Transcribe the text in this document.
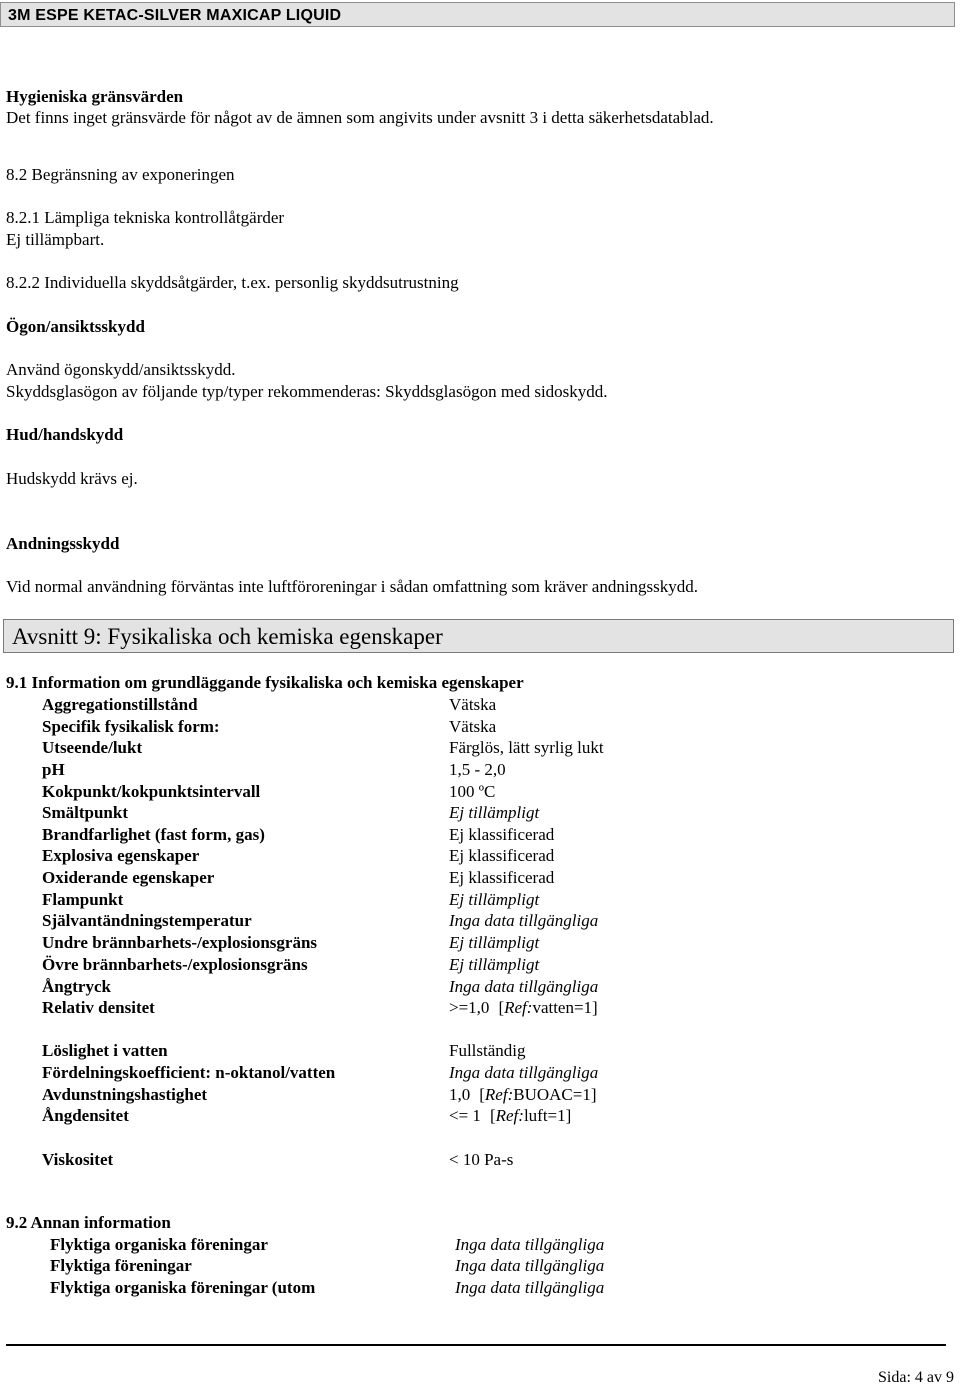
3M ESPE KETAC-SILVER MAXICAP LIQUID
Hygieniska gränsvärden
Det finns inget gränsvärde för något av de ämnen som angivits under avsnitt 3 i detta säkerhetsdatablad.
8.2 Begränsning av exponeringen
8.2.1 Lämpliga tekniska kontrollåtgärder
Ej tillämpbart.
8.2.2 Individuella skyddsåtgärder, t.ex. personlig skyddsutrustning
Ögon/ansiktsskydd
Använd ögonskydd/ansiktsskydd.
Skyddsglasögon av följande typ/typer rekommenderas: Skyddsglasögon med sidoskydd.
Hud/handskydd
Hudskydd krävs ej.
Andningsskydd
Vid normal användning förväntas inte luftföroreningar i sådan omfattning som kräver andningsskydd.
Avsnitt 9: Fysikaliska och kemiska egenskaper
9.1 Information om grundläggande fysikaliska och kemiska egenskaper
Aggregationstillstånd	Vätska
Specifik fysikalisk form:	Vätska
Utseende/lukt	Färglös, lätt syrlig lukt
pH	1,5 - 2,0
Kokpunkt/kokpunktsintervall	100 ºC
Smältpunkt	Ej tillämpligt
Brandfarlighet (fast form, gas)	Ej klassificerad
Explosiva egenskaper	Ej klassificerad
Oxiderande egenskaper	Ej klassificerad
Flampunkt	Ej tillämpligt
Självantändningstemperatur	Inga data tillgängliga
Undre brännbarhets-/explosionsgräns	Ej tillämpligt
Övre brännbarhets-/explosionsgräns	Ej tillämpligt
Ångtryck	Inga data tillgängliga
Relativ densitet	>=1,0 [Ref:vatten=1]
Löslighet i vatten	Fullständig
Fördelningskoefficient: n-oktanol/vatten	Inga data tillgängliga
Avdunstningshastighet	1,0 [Ref:BUOAC=1]
Ångdensitet	<= 1 [Ref:luft=1]
Viskositet	< 10 Pa-s
9.2 Annan information
Flyktiga organiska föreningar	Inga data tillgängliga
Flyktiga föreningar	Inga data tillgängliga
Flyktiga organiska föreningar (utom	Inga data tillgängliga
Sida: 4 av 9
